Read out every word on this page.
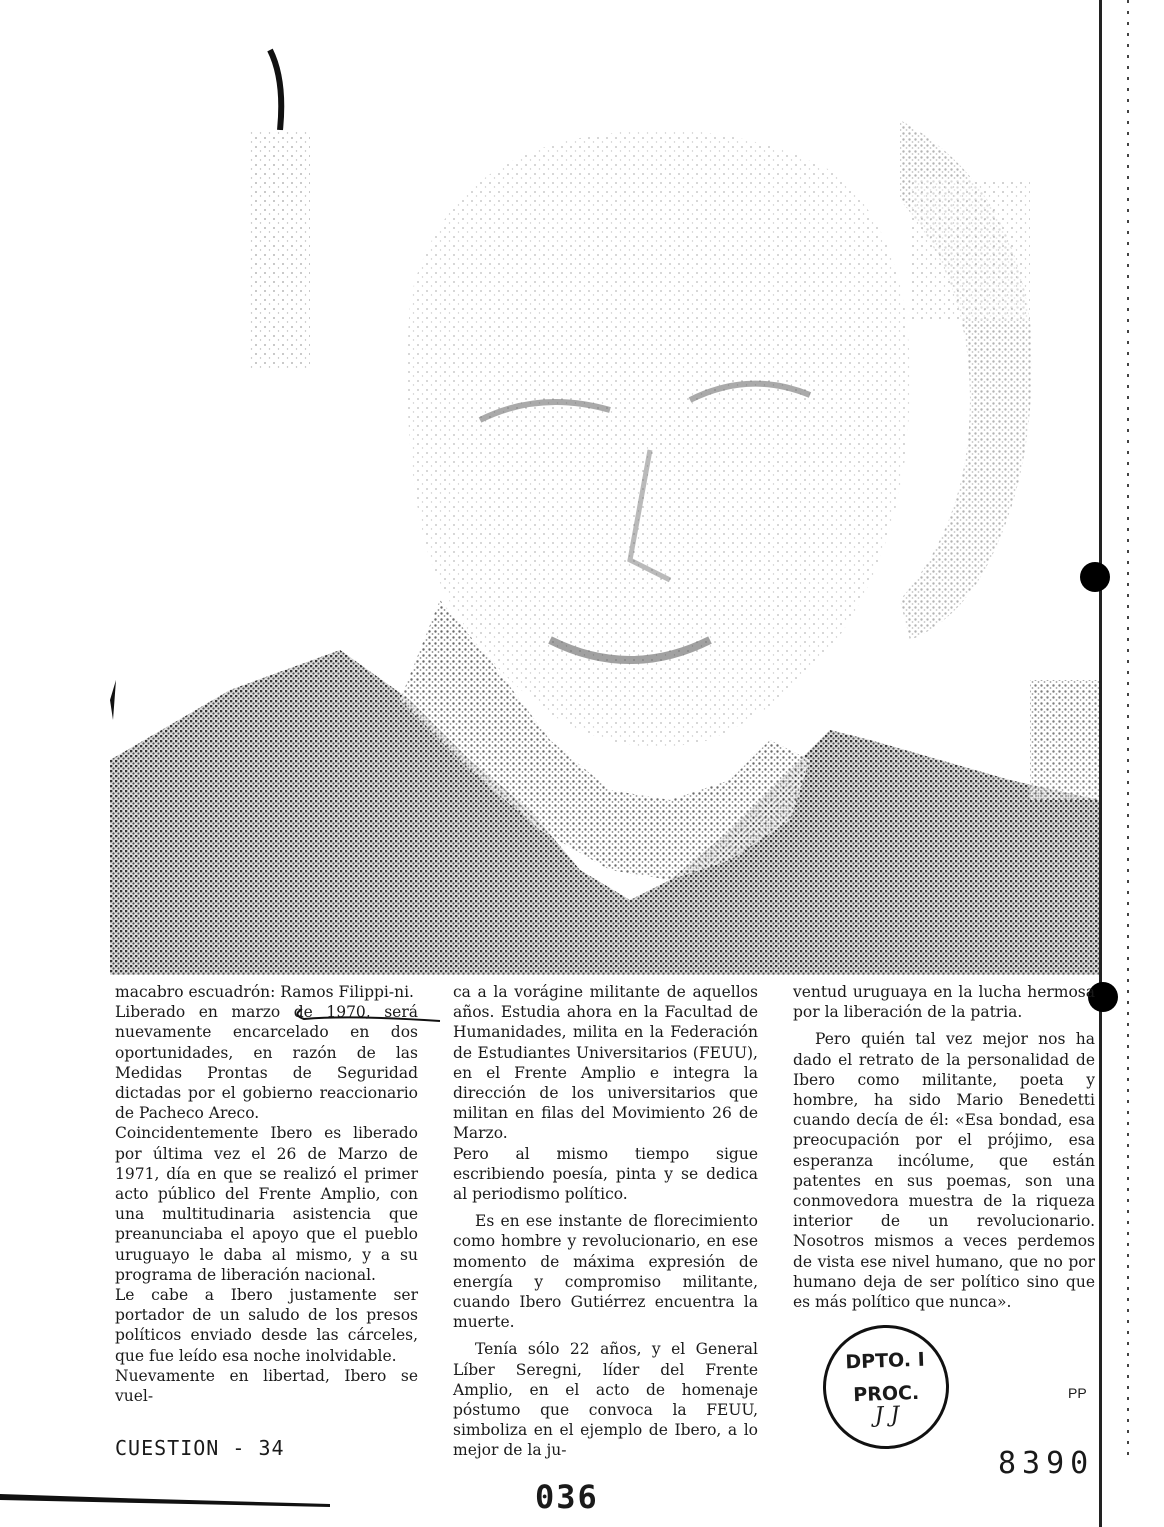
macabro escuadrón: Ramos Filippi-ni.

Liberado en marzo de 1970, será nuevamente encarcelado en dos oportunidades, en razón de las Medidas Prontas de Seguridad dictadas por el gobierno reaccionario de Pacheco Areco.

Coincidentemente Ibero es liberado por última vez el 26 de Marzo de 1971, día en que se realizó el primer acto público del Frente Amplio, con una multitudinaria asistencia que preanunciaba el apoyo que el pueblo uruguayo le daba al mismo, y a su programa de liberación nacional.

Le cabe a Ibero justamente ser portador de un saludo de los presos políticos enviado desde las cárceles, que fue leído esa noche inolvidable.

Nuevamente en libertad, Ibero se vuel-

ca a la vorágine militante de aquellos años. Estudia ahora en la Facultad de Humanidades, milita en la Federación de Estudiantes Universitarios (FEUU), en el Frente Amplio e integra la dirección de los universitarios que militan en filas del Movimiento 26 de Marzo.

Pero al mismo tiempo sigue escribiendo poesía, pinta y se dedica al periodismo político.

Es en ese instante de florecimiento como hombre y revolucionario, en ese momento de máxima expresión de energía y compromiso militante, cuando Ibero Gutiérrez encuentra la muerte.

Tenía sólo 22 años, y el General Líber Seregni, líder del Frente Amplio, en el acto de homenaje póstumo que convoca la FEUU, simboliza en el ejemplo de Ibero, a lo mejor de la ju-

ventud uruguaya en la lucha hermosa por la liberación de la patria.

Pero quién tal vez mejor nos ha dado el retrato de la personalidad de Ibero como militante, poeta y hombre, ha sido Mario Benedetti cuando decía de él: «Esa bondad, esa preocupación por el prójimo, esa esperanza incólume, que están patentes en sus poemas, son una conmovedora muestra de la riqueza interior de un revolucionario. Nosotros mismos a veces perdemos de vista ese nivel humano, que no por humano deja de ser político sino que es más político que nunca».

DPTO. I
PROC.
J J
PP
CUESTION - 34
036
8390
